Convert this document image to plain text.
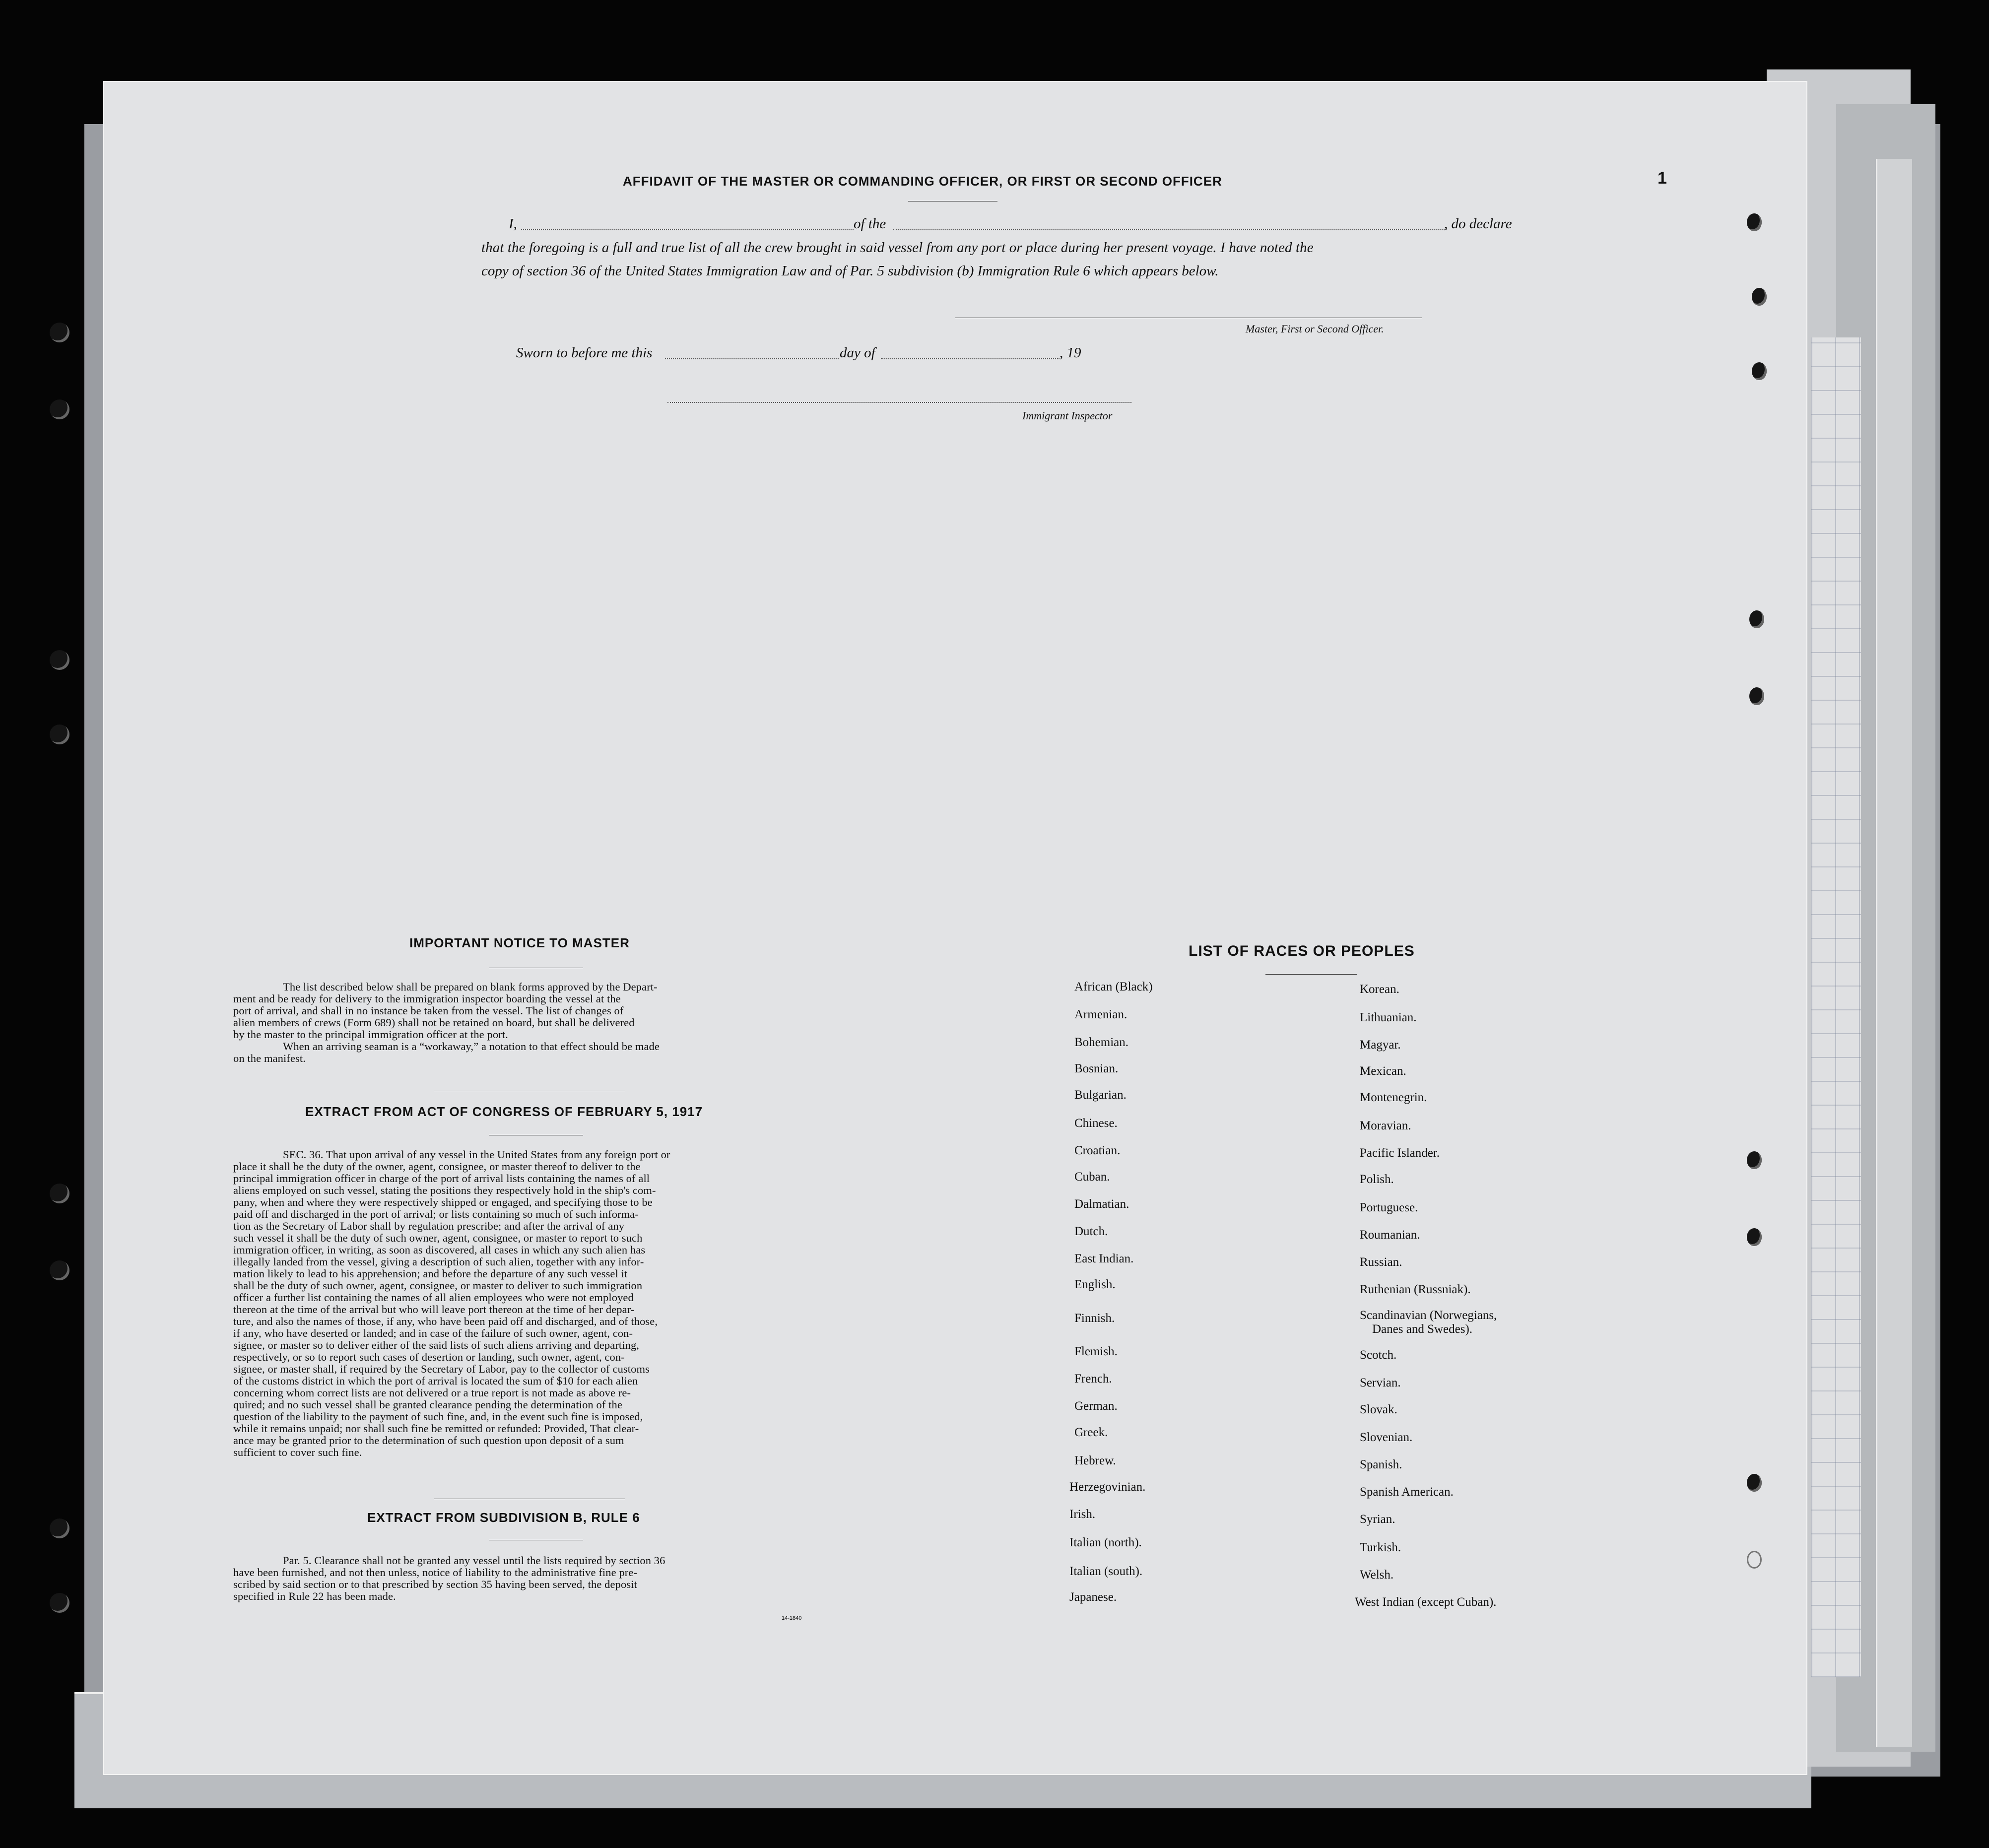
AFFIDAVIT OF THE MASTER OR COMMANDING OFFICER, OR FIRST OR SECOND OFFICER	1
I,	of the	, do declare
that the foregoing is a full and true list of all the crew brought in said vessel from any port or place during her present voyage. I have noted the
copy of section 36 of the United States Immigration Law and of Par. 5 subdivision (b) Immigration Rule 6 which appears below.
Master, First or Second Officer.
Sworn to before me this	day of	, 19
Immigrant Inspector
IMPORTANT NOTICE TO MASTER
The list described below shall be prepared on blank forms approved by the Depart-
ment and be ready for delivery to the immigration inspector boarding the vessel at the
port of arrival, and shall in no instance be taken from the vessel. The list of changes of
alien members of crews (Form 689) shall not be retained on board, but shall be delivered
by the master to the principal immigration officer at the port.
When an arriving seaman is a “workaway,” a notation to that effect should be made
on the manifest.
EXTRACT FROM ACT OF CONGRESS OF FEBRUARY 5, 1917
SEC. 36. That upon arrival of any vessel in the United States from any foreign port or
place it shall be the duty of the owner, agent, consignee, or master thereof to deliver to the
principal immigration officer in charge of the port of arrival lists containing the names of all
aliens employed on such vessel, stating the positions they respectively hold in the ship's com-
pany, when and where they were respectively shipped or engaged, and specifying those to be
paid off and discharged in the port of arrival; or lists containing so much of such informa-
tion as the Secretary of Labor shall by regulation prescribe; and after the arrival of any
such vessel it shall be the duty of such owner, agent, consignee, or master to report to such
immigration officer, in writing, as soon as discovered, all cases in which any such alien has
illegally landed from the vessel, giving a description of such alien, together with any infor-
mation likely to lead to his apprehension; and before the departure of any such vessel it
shall be the duty of such owner, agent, consignee, or master to deliver to such immigration
officer a further list containing the names of all alien employees who were not employed
thereon at the time of the arrival but who will leave port thereon at the time of her depar-
ture, and also the names of those, if any, who have been paid off and discharged, and of those,
if any, who have deserted or landed; and in case of the failure of such owner, agent, con-
signee, or master so to deliver either of the said lists of such aliens arriving and departing,
respectively, or so to report such cases of desertion or landing, such owner, agent, con-
signee, or master shall, if required by the Secretary of Labor, pay to the collector of customs
of the customs district in which the port of arrival is located the sum of $10 for each alien
concerning whom correct lists are not delivered or a true report is not made as above re-
quired; and no such vessel shall be granted clearance pending the determination of the
question of the liability to the payment of such fine, and, in the event such fine is imposed,
while it remains unpaid; nor shall such fine be remitted or refunded: Provided, That clear-
ance may be granted prior to the determination of such question upon deposit of a sum
sufficient to cover such fine.
EXTRACT FROM SUBDIVISION B, RULE 6
Par. 5. Clearance shall not be granted any vessel until the lists required by section 36
have been furnished, and not then unless, notice of liability to the administrative fine pre-
scribed by said section or to that prescribed by section 35 having been served, the deposit
specified in Rule 22 has been made.
14-1840
LIST OF RACES OR PEOPLES
African (Black)
Armenian.
Bohemian.
Bosnian.
Bulgarian.
Chinese.
Croatian.
Cuban.
Dalmatian.
Dutch.
East Indian.
English.
Finnish.
Flemish.
French.
German.
Greek.
Hebrew.
Herzegovinian.
Irish.
Italian (north).
Italian (south).
Japanese.
Korean.
Lithuanian.
Magyar.
Mexican.
Montenegrin.
Moravian.
Pacific Islander.
Polish.
Portuguese.
Roumanian.
Russian.
Ruthenian (Russniak).
Scandinavian (Norwegians,
Danes and Swedes).
Scotch.
Servian.
Slovak.
Slovenian.
Spanish.
Spanish American.
Syrian.
Turkish.
Welsh.
West Indian (except Cuban).
